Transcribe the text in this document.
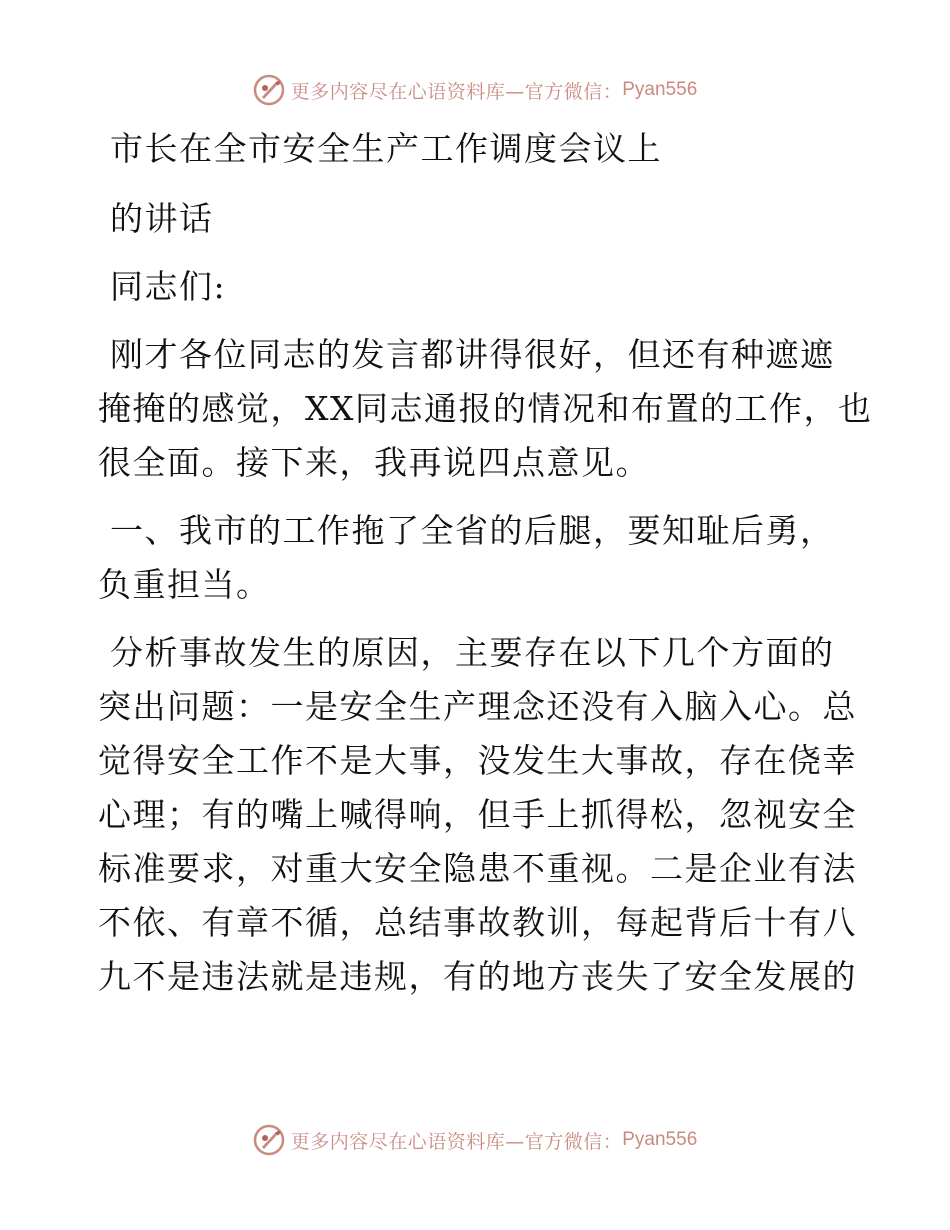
更多内容尽在心语资料库—官方微信： Pyan556
市长在全市安全生产工作调度会议上
的讲话
同志们:
刚才各位同志的发言都讲得很好，但还有种遮遮
掩掩的感觉，XX同志通报的情况和布置的工作，也
很全面。接下来，我再说四点意见。
一、我市的工作拖了全省的后腿，要知耻后勇，
负重担当。
分析事故发生的原因，主要存在以下几个方面的
突出问题：一是安全生产理念还没有入脑入心。总
觉得安全工作不是大事，没发生大事故，存在侥幸
心理；有的嘴上喊得响，但手上抓得松，忽视安全
标准要求，对重大安全隐患不重视。二是企业有法
不依、有章不循，总结事故教训，每起背后十有八
九不是违法就是违规，有的地方丧失了安全发展的
更多内容尽在心语资料库—官方微信： Pyan556
